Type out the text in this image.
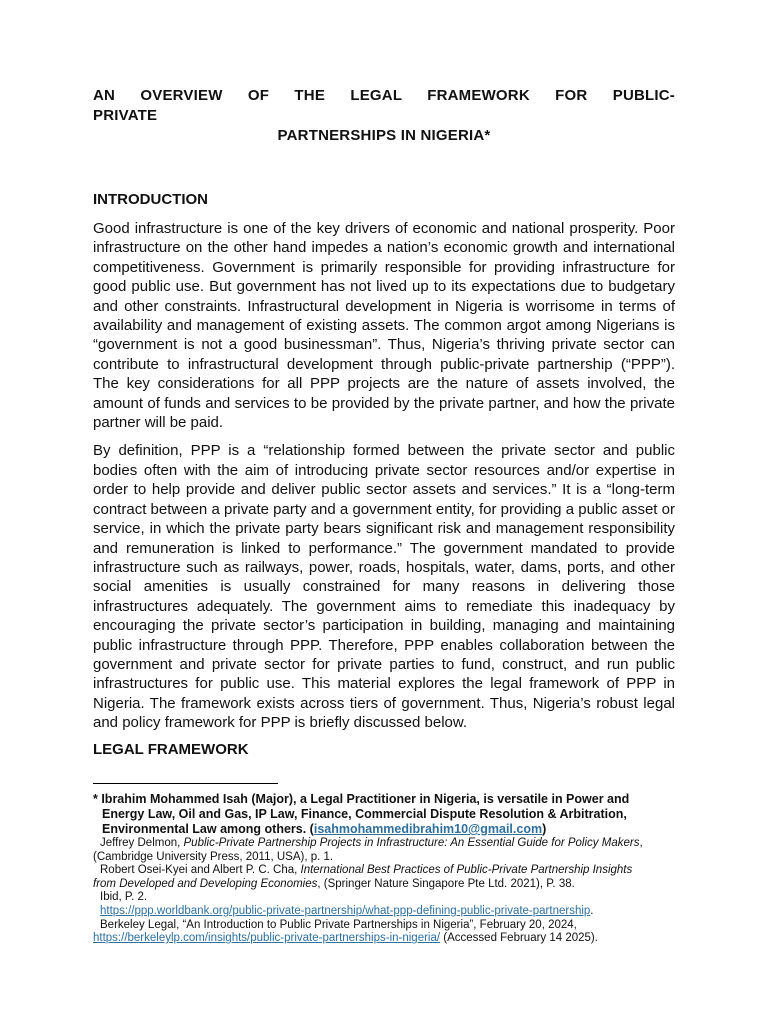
AN OVERVIEW OF THE LEGAL FRAMEWORK FOR PUBLIC-PRIVATE
PARTNERSHIPS IN NIGERIA*
INTRODUCTION

Good infrastructure is one of the key drivers of economic and national prosperity. Poor infrastructure on the other hand impedes a nation’s economic growth and international competitiveness. Government is primarily responsible for providing infrastructure for good public use. But government has not lived up to its expectations due to budgetary and other constraints. Infrastructural development in Nigeria is worrisome in terms of availability and management of existing assets. The common argot among Nigerians is “government is not a good businessman”. Thus, Nigeria’s thriving private sector can contribute to infrastructural development through public-private partnership (“PPP”). The key considerations for all PPP projects are the nature of assets involved, the amount of funds and services to be provided by the private partner, and how the private partner will be paid.

By definition, PPP is a “relationship formed between the private sector and public bodies often with the aim of introducing private sector resources and/or expertise in order to help provide and deliver public sector assets and services.” It is a “long-term contract between a private party and a government entity, for providing a public asset or service, in which the private party bears significant risk and management responsibility and remuneration is linked to performance.” The government mandated to provide infrastructure such as railways, power, roads, hospitals, water, dams, ports, and other social amenities is usually constrained for many reasons in delivering those infrastructures adequately. The government aims to remediate this inadequacy by encouraging the private sector’s participation in building, managing and maintaining public infrastructure through PPP. Therefore, PPP enables collaboration between the government and private sector for private parties to fund, construct, and run public infrastructures for public use. This material explores the legal framework of PPP in Nigeria. The framework exists across tiers of government. Thus, Nigeria’s robust legal and policy framework for PPP is briefly discussed below.

LEGAL FRAMEWORK
* Ibrahim Mohammed Isah (Major), a Legal Practitioner in Nigeria, is versatile in Power and
Energy Law, Oil and Gas, IP Law, Finance, Commercial Dispute Resolution & Arbitration,
Environmental Law among others. (isahmohammedibrahim10@gmail.com)

Jeffrey Delmon, Public-Private Partnership Projects in Infrastructure: An Essential Guide for Policy Makers,

(Cambridge University Press, 2011, USA), p. 1.

Robert Osei-Kyei and Albert P. C. Cha, International Best Practices of Public-Private Partnership Insights

from Developed and Developing Economies, (Springer Nature Singapore Pte Ltd. 2021), P. 38.

Ibid, P. 2.

https://ppp.worldbank.org/public-private-partnership/what-ppp-defining-public-private-partnership.

Berkeley Legal, “An Introduction to Public Private Partnerships in Nigeria”, February 20, 2024,

https://berkeleylp.com/insights/public-private-partnerships-in-nigeria/ (Accessed February 14 2025).
